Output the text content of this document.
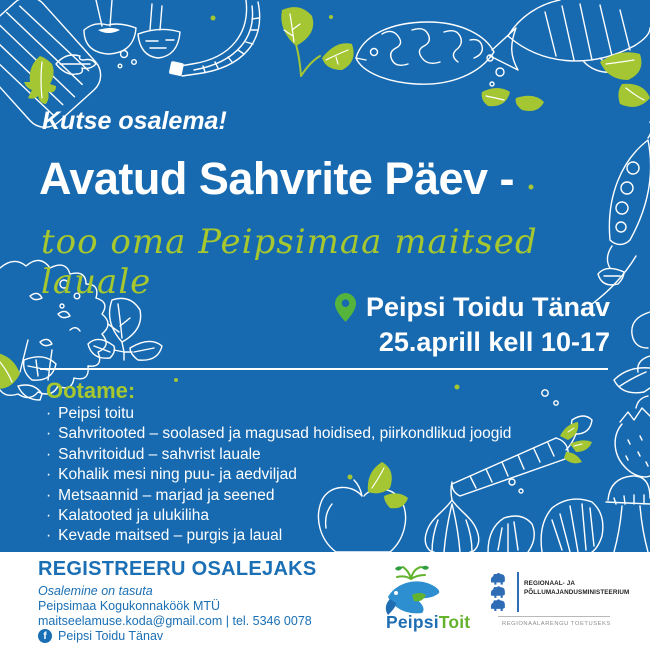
Kutse osalema!
Avatud Sahvrite Päev -
too oma Peipsimaa maitsed lauale
Peipsi Toidu Tänav
25.aprill kell 10-17
Ootame:
· Peipsi toitu
· Sahvritooted – soolased ja magusad hoidised, piirkondlikud joogid
· Sahvritoidud – sahvrist lauale
· Kohalik mesi ning puu- ja aedviljad
· Metsaannid – marjad ja seened
· Kalatooted ja ulukiliha
· Kevade maitsed – purgis ja laual
REGISTREERU OSALEJAKS
Osalemine on tasuta
Peipsimaa Kogukonnaköök MTÜ
maitseelamuse.koda@gmail.com | tel. 5346 0078
f Peipsi Toidu Tänav
PeipsiToit
REGIONAAL- JA
PÕLLUMAJANDUSMINISTEERIUM
REGIONAALARENGU TOETUSEKS
